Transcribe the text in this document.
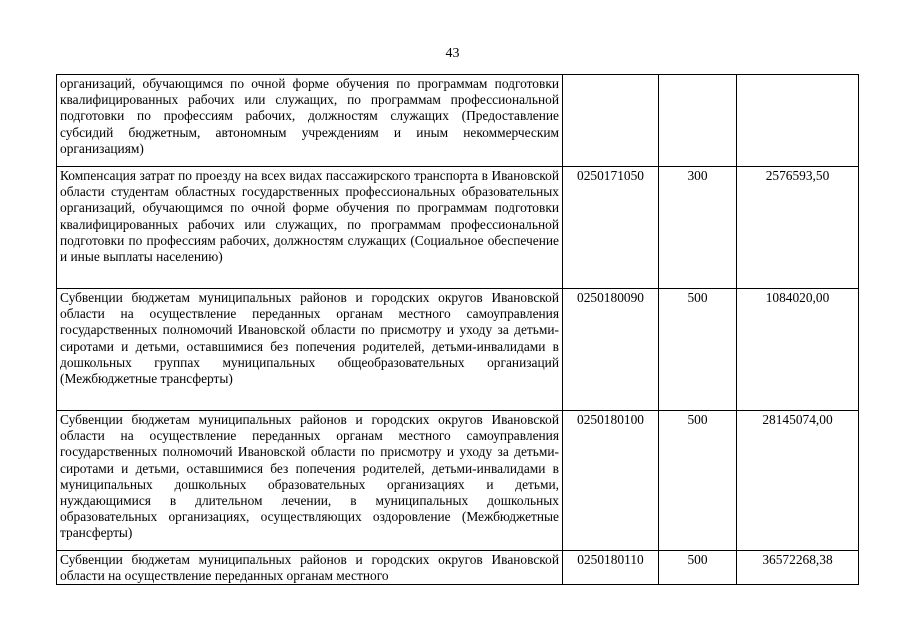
43
организаций, обучающимся по очной форме обучения по программам подготовки квалифицированных рабочих или служащих, по программам профессиональной подготовки по профессиям рабочих, должностям служащих (Предоставление субсидий бюджетным, автономным учреждениям и иным некоммерческим организациям)			
Компенсация затрат по проезду на всех видах пассажирского транспорта в Ивановской области студентам областных государственных профессиональных образовательных организаций, обучающимся по очной форме обучения по программам подготовки квалифицированных рабочих или служащих, по программам профессиональной подготовки по профессиям рабочих, должностям служащих (Социальное обеспечение и иные выплаты населению)	0250171050	300	2576593,50
Субвенции бюджетам муниципальных районов и городских округов Ивановской области на осуществление переданных органам местного самоуправления государственных полномочий Ивановской области по присмотру и уходу за детьми-сиротами и детьми, оставшимися без попечения родителей, детьми-инвалидами в дошкольных группах муниципальных общеобразовательных организаций (Межбюджетные трансферты)	0250180090	500	1084020,00
Субвенции бюджетам муниципальных районов и городских округов Ивановской области на осуществление переданных органам местного самоуправления государственных полномочий Ивановской области по присмотру и уходу за детьми-сиротами и детьми, оставшимися без попечения родителей, детьми-инвалидами в муниципальных дошкольных образовательных организациях и детьми, нуждающимися в длительном лечении, в муниципальных дошкольных образовательных организациях, осуществляющих оздоровление (Межбюджетные трансферты)	0250180100	500	28145074,00
Субвенции бюджетам муниципальных районов и городских округов Ивановской области на осуществление переданных органам местного	0250180110	500	36572268,38
